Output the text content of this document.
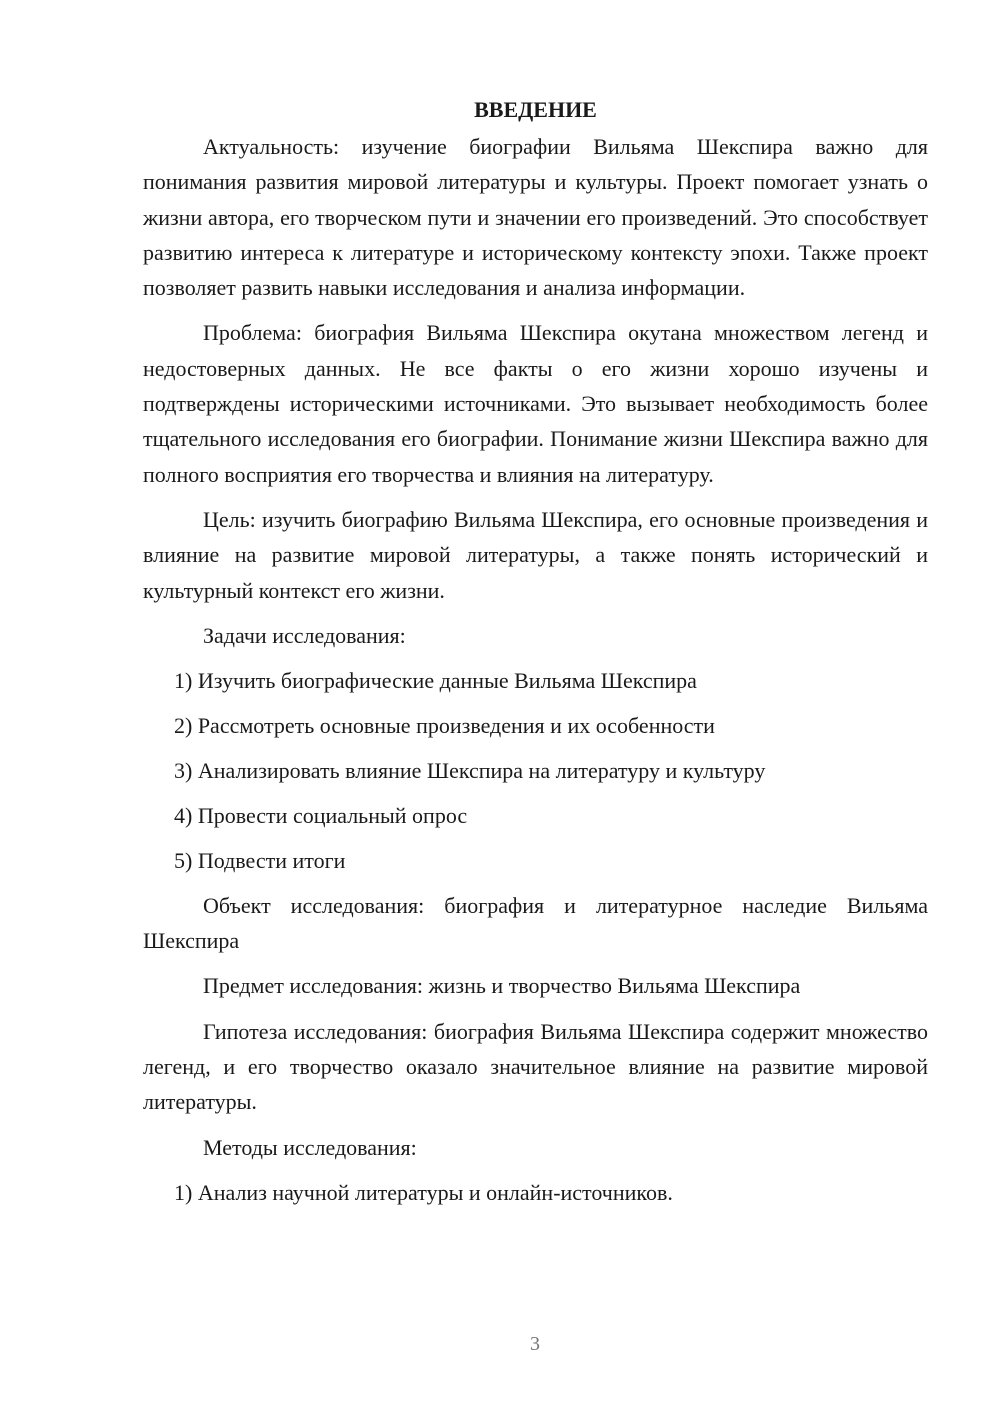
ВВЕДЕНИЕ

Актуальность: изучение биографии Вильяма Шекспира важно для понимания развития мировой литературы и культуры. Проект помогает узнать о жизни автора, его творческом пути и значении его произведений. Это способствует развитию интереса к литературе и историческому контексту эпохи. Также проект позволяет развить навыки исследования и анализа информации.

Проблема: биография Вильяма Шекспира окутана множеством легенд и недостоверных данных. Не все факты о его жизни хорошо изучены и подтверждены историческими источниками. Это вызывает необходимость более тщательного исследования его биографии. Понимание жизни Шекспира важно для полного восприятия его творчества и влияния на литературу.

Цель: изучить биографию Вильяма Шекспира, его основные произведения и влияние на развитие мировой литературы, а также понять исторический и культурный контекст его жизни.

Задачи исследования:

1) Изучить биографические данные Вильяма Шекспира

2) Рассмотреть основные произведения и их особенности

3) Анализировать влияние Шекспира на литературу и культуру

4) Провести социальный опрос

5) Подвести итоги

Объект исследования: биография и литературное наследие Вильяма Шекспира

Предмет исследования: жизнь и творчество Вильяма Шекспира

Гипотеза исследования: биография Вильяма Шекспира содержит множество легенд, и его творчество оказало значительное влияние на развитие мировой литературы.

Методы исследования:

1) Анализ научной литературы и онлайн-источников.

3
